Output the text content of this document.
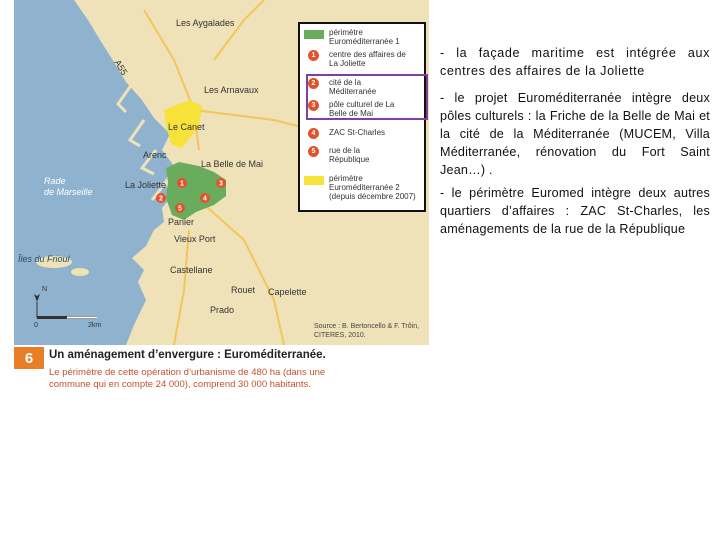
1
2
3
4
5
Les Aygalades
A55
Les Arnavaux
Le Canet
Arenc
La Belle de Mai
La Joliette
Panier
Vieux Port
Castellane
Rouet Capelette
Prado
Rade
de Marseille
Îles du Frioul
N
0	2km	Source : B. Bertoncello & F. Trôin,
CITERES, 2010.
périmètre Euroméditerranée 1
1	centre des affaires de La Joliette
2	cité de la Méditerranée
3	pôle culturel de La Belle de Mai
4	ZAC St-Charles
5	rue de la République
périmètre Euroméditerranée 2 (depuis décembre 2007)
6	Un aménagement d’envergure : Euroméditerranée.
Le périmètre de cette opération d’urbanisme de 480 ha (dans une commune qui en compte 24 000), comprend 30 000 habitants.

- la façade maritime est intégrée aux centres des affaires de la Joliette

- le projet Euroméditerranée intègre deux pôles culturels : la Friche de la Belle de Mai et la cité de la Méditerranée (MUCEM, Villa Méditerranée, rénovation du Fort Saint Jean…) .

- le périmètre Euromed intègre deux autres quartiers d’affaires : ZAC St-Charles, les aménagements de la rue de la République
